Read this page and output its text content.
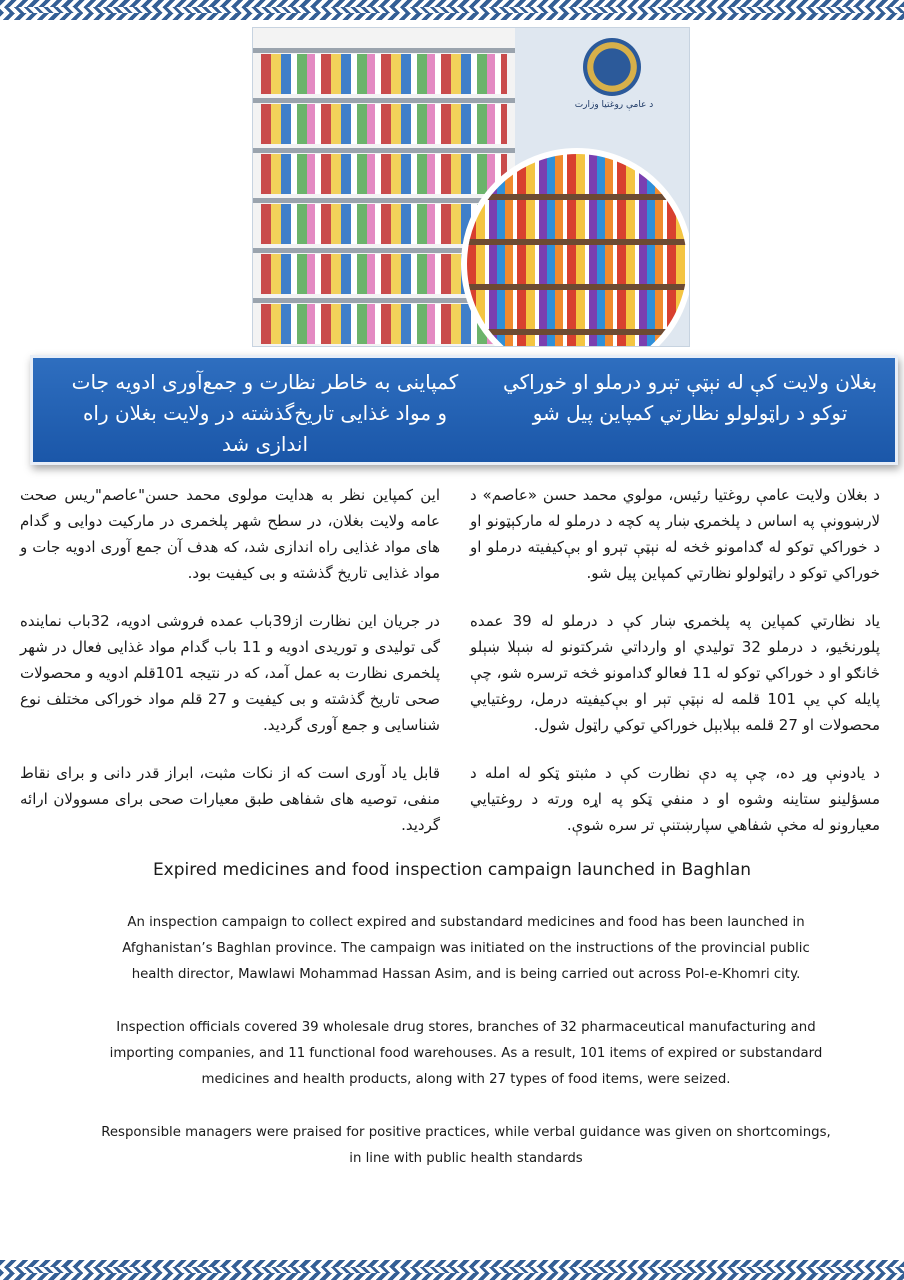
د عامې روغتیا وزارت
بغلان ولایت کې له نېټې تېرو درملو او خوراکي توکو د راټولولو نظارتي کمپاین پیل شو
کمپاینی به خاطر نظارت و جمع‌آوری ادویه جات و مواد غذایی تاریخ‌گذشته در ولایت بغلان راه اندازی شد

د بغلان ولایت عامې روغتیا رئیس، مولوي محمد حسن «عاصم» د لارښوونې په اساس د پلخمرۍ ښار په کچه د درملو له مارکېټونو او د خوراکي توکو له ګدامونو څخه له نېټې تېرو او بې‌کیفیته درملو او خوراکي توکو د راټولولو نظارتي کمپاین پیل شو.

یاد نظارتي کمپاین په پلخمرۍ ښار کې د درملو له 39 عمده پلورنځیو، د درملو 32 تولیدي او وارداتي شرکتونو له ښېلا ښېلو څانګو او د خوراکي توکو له 11 فعالو ګدامونو څخه ترسره شو، چې پایله کې یې 101 قلمه له نېټې تېر او بې‌کیفیته درمل، روغتیایي محصولات او 27 قلمه بېلابېل خوراکي توکي راټول شول.

د یادونې وړ ده، چې په دې نظارت کې د مثبتو ټکو له امله د مسؤلینو ستاینه وشوه او د منفي ټکو په اړه ورته د روغتیایي معیارونو له مخې شفاهي سپارښتنې تر سره شوې.

این کمپاین نظر به هدایت مولوی محمد حسن"عاصم"ریس صحت عامه ولایت بغلان، در سطح شهر پلخمری در مارکیت دوایی و گدام های مواد غذایی راه اندازی شد، که هدف آن جمع آوری ادویه جات و مواد غذایی تاریخ گذشته و بی کیفیت بود.

در جریان این نظارت از39باب عمده فروشی ادویه، 32باب نماینده گی تولیدی و توریدی ادویه و 11 باب گدام مواد غذایی فعال در شهر پلخمری نظارت به عمل آمد، که در نتیجه 101قلم ادویه و محصولات صحی تاریخ گذشته و بی کیفیت و 27 قلم مواد خوراکی مختلف نوع شناسایی و جمع آوری گردید.

قابل یاد آوری است که از نکات مثبت، ابراز قدر دانی و برای نقاط منفی، توصیه های شفاهی طبق معیارات صحی برای مسوولان ارائه گردید.

Expired medicines and food inspection campaign launched in Baghlan

An inspection campaign to collect expired and substandard medicines and food has been launched in Afghanistan’s Baghlan province. The campaign was initiated on the instructions of the provincial public health director, Mawlawi Mohammad Hassan Asim, and is being carried out across Pol-e-Khomri city.

Inspection officials covered 39 wholesale drug stores, branches of 32 pharmaceutical manufacturing and importing companies, and 11 functional food warehouses. As a result, 101 items of expired or substandard medicines and health products, along with 27 types of food items, were seized.

Responsible managers were praised for positive practices, while verbal guidance was given on shortcomings, in line with public health standards
